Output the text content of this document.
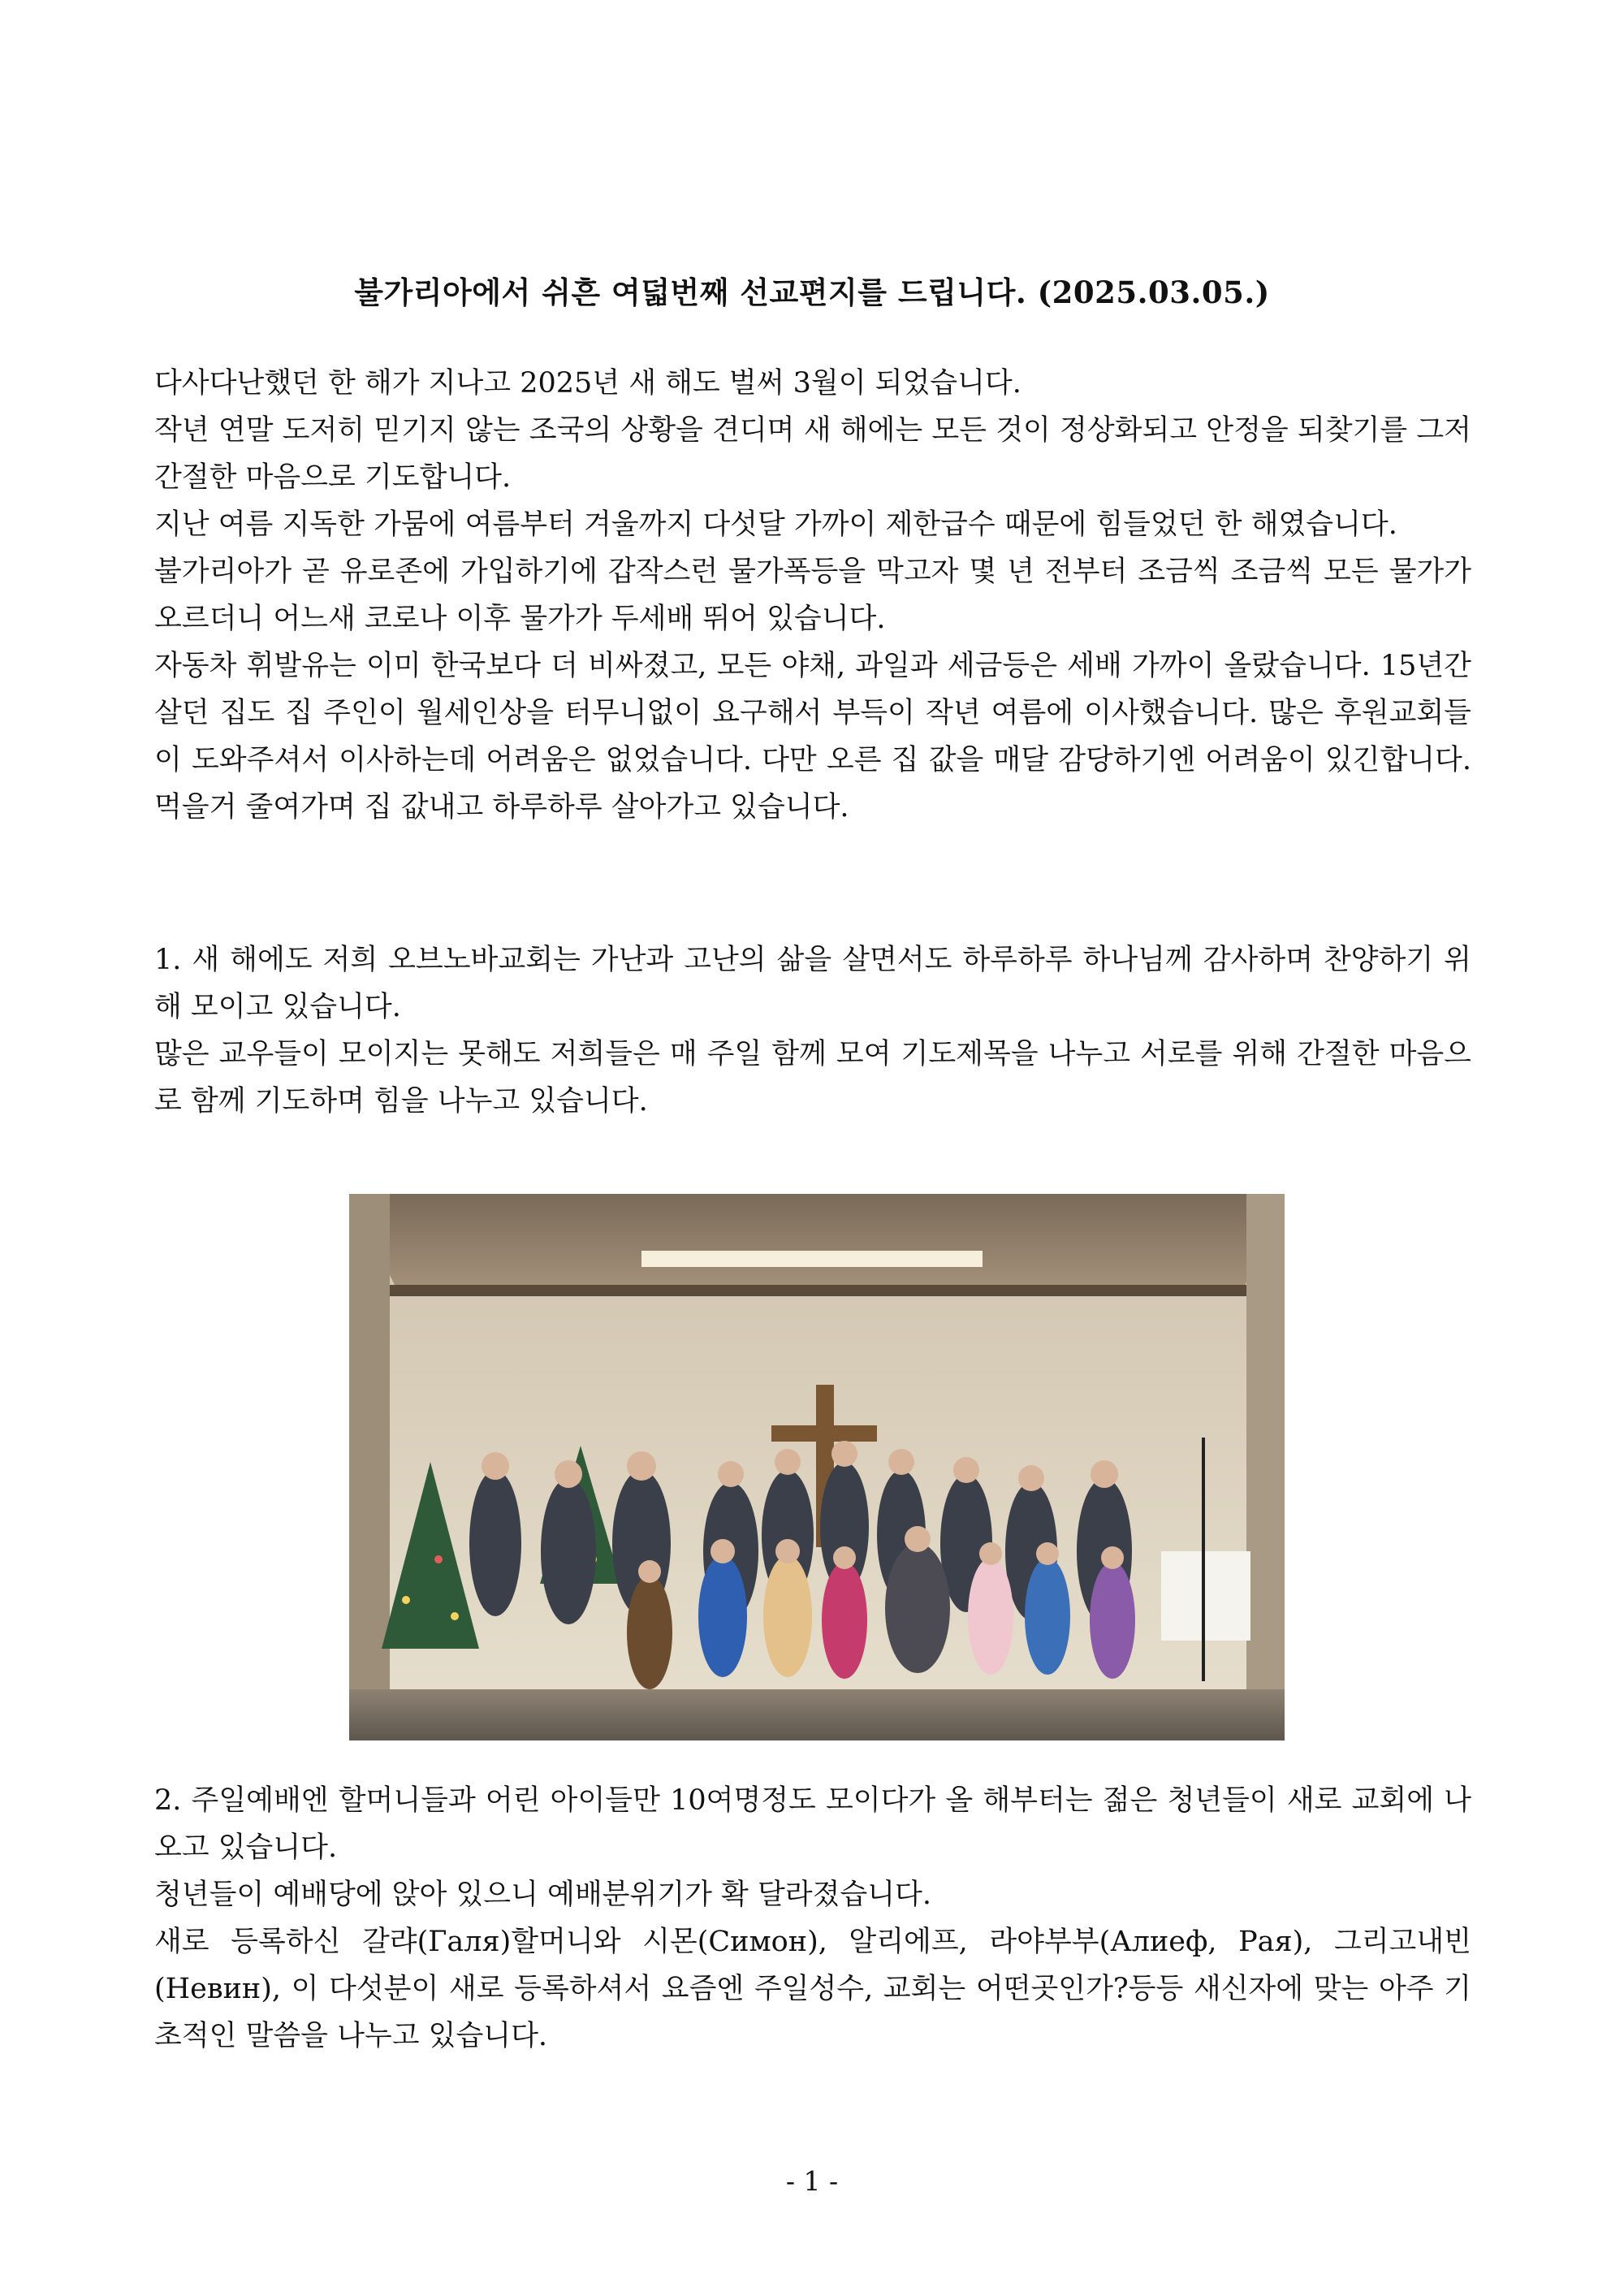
불가리아에서 쉬흔 여덟번째 선교편지를 드립니다. (2025.03.05.)

다사다난했던 한 해가 지나고 2025년 새 해도 벌써 3월이 되었습니다.

작년 연말 도저히 믿기지 않는 조국의 상황을 견디며 새 해에는 모든 것이 정상화되고 안정을 되찾기를 그저 간절한 마음으로 기도합니다.

지난 여름 지독한 가뭄에 여름부터 겨울까지 다섯달 가까이 제한급수 때문에 힘들었던 한 해였습니다.

불가리아가 곧 유로존에 가입하기에 갑작스런 물가폭등을 막고자 몇 년 전부터 조금씩 조금씩 모든 물가가 오르더니 어느새 코로나 이후 물가가 두세배 뛰어 있습니다.

자동차 휘발유는 이미 한국보다 더 비싸졌고, 모든 야채, 과일과 세금등은 세배 가까이 올랐습니다. 15년간 살던 집도 집 주인이 월세인상을 터무니없이 요구해서 부득이 작년 여름에 이사했습니다. 많은 후원교회들이 도와주셔서 이사하는데 어려움은 없었습니다. 다만 오른 집 값을 매달 감당하기엔 어려움이 있긴합니다. 먹을거 줄여가며 집 값내고 하루하루 살아가고 있습니다.

1. 새 해에도 저희 오브노바교회는 가난과 고난의 삶을 살면서도 하루하루 하나님께 감사하며 찬양하기 위해 모이고 있습니다.

많은 교우들이 모이지는 못해도 저희들은 매 주일 함께 모여 기도제목을 나누고 서로를 위해 간절한 마음으로 함께 기도하며 힘을 나누고 있습니다.

2. 주일예배엔 할머니들과 어린 아이들만 10여명정도 모이다가 올 해부터는 젊은 청년들이 새로 교회에 나오고 있습니다.

청년들이 예배당에 앉아 있으니 예배분위기가 확 달라졌습니다.

새로 등록하신 갈랴(Галя)할머니와 시몬(Симон), 알리에프, 라야부부(Алиеф, Рая), 그리고내빈(Невин), 이 다섯분이 새로 등록하셔서 요즘엔 주일성수, 교회는 어떤곳인가?등등 새신자에 맞는 아주 기초적인 말씀을 나누고 있습니다.

- 1 -
